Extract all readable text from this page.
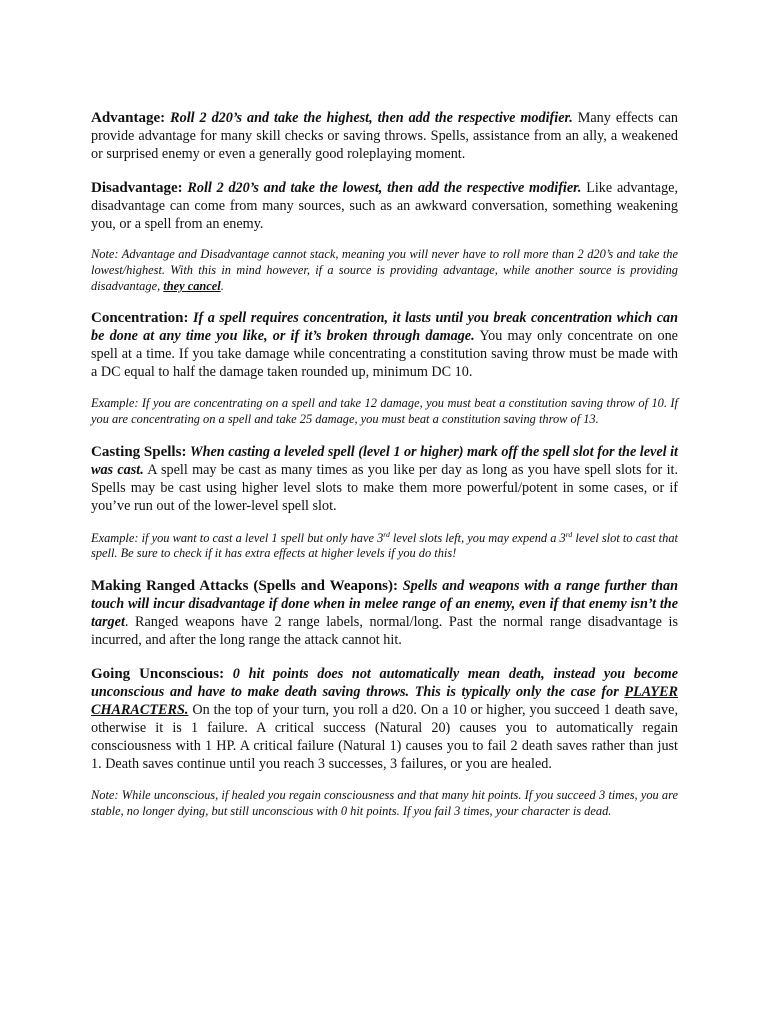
Advantage: Roll 2 d20’s and take the highest, then add the respective modifier. Many effects can provide advantage for many skill checks or saving throws. Spells, assistance from an ally, a weakened or surprised enemy or even a generally good roleplaying moment.

Disadvantage: Roll 2 d20’s and take the lowest, then add the respective modifier. Like advantage, disadvantage can come from many sources, such as an awkward conversation, something weakening you, or a spell from an enemy.

Note: Advantage and Disadvantage cannot stack, meaning you will never have to roll more than 2 d20’s and take the lowest/highest. With this in mind however, if a source is providing advantage, while another source is providing disadvantage, they cancel.

Concentration: If a spell requires concentration, it lasts until you break concentration which can be done at any time you like, or if it’s broken through damage. You may only concentrate on one spell at a time. If you take damage while concentrating a constitution saving throw must be made with a DC equal to half the damage taken rounded up, minimum DC 10.

Example: If you are concentrating on a spell and take 12 damage, you must beat a constitution saving throw of 10. If you are concentrating on a spell and take 25 damage, you must beat a constitution saving throw of 13.

Casting Spells: When casting a leveled spell (level 1 or higher) mark off the spell slot for the level it was cast. A spell may be cast as many times as you like per day as long as you have spell slots for it. Spells may be cast using higher level slots to make them more powerful/potent in some cases, or if you’ve run out of the lower-level spell slot.

Example: if you want to cast a level 1 spell but only have 3rd level slots left, you may expend a 3rd level slot to cast that spell. Be sure to check if it has extra effects at higher levels if you do this!

Making Ranged Attacks (Spells and Weapons): Spells and weapons with a range further than touch will incur disadvantage if done when in melee range of an enemy, even if that enemy isn’t the target. Ranged weapons have 2 range labels, normal/long. Past the normal range disadvantage is incurred, and after the long range the attack cannot hit.

Going Unconscious: 0 hit points does not automatically mean death, instead you become unconscious and have to make death saving throws. This is typically only the case for PLAYER CHARACTERS. On the top of your turn, you roll a d20. On a 10 or higher, you succeed 1 death save, otherwise it is 1 failure. A critical success (Natural 20) causes you to automatically regain consciousness with 1 HP. A critical failure (Natural 1) causes you to fail 2 death saves rather than just 1. Death saves continue until you reach 3 successes, 3 failures, or you are healed.

Note: While unconscious, if healed you regain consciousness and that many hit points. If you succeed 3 times, you are stable, no longer dying, but still unconscious with 0 hit points. If you fail 3 times, your character is dead.
